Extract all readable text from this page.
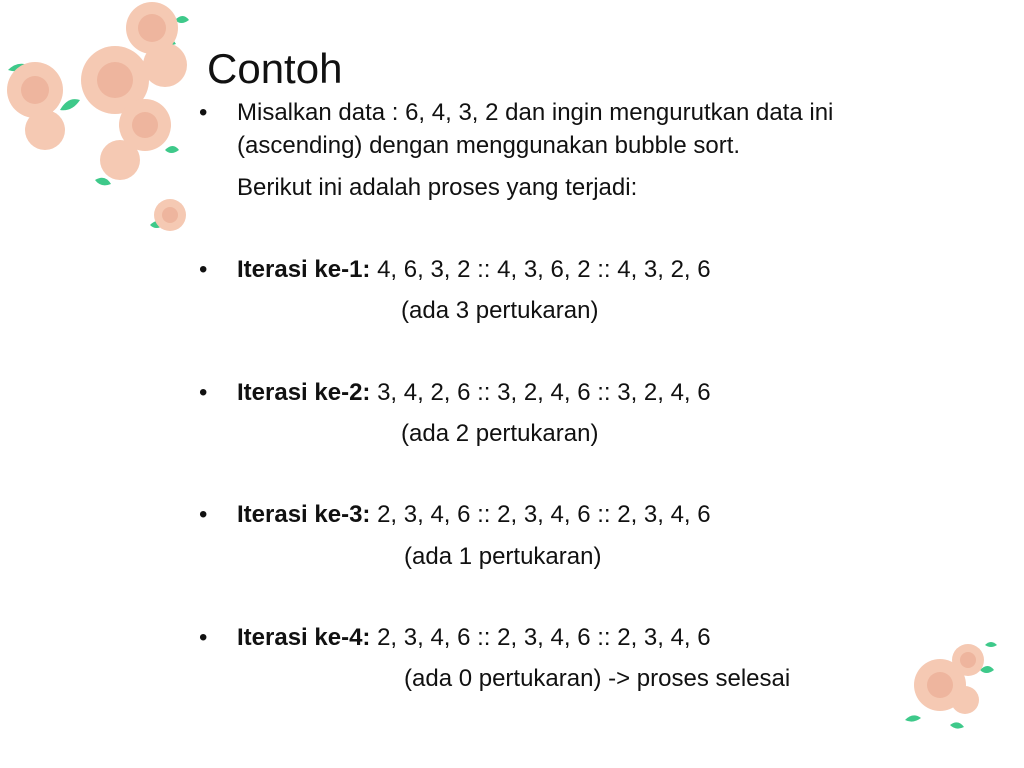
Contoh
• Misalkan data : 6, 4, 3, 2 dan ingin mengurutkan data ini
(ascending) dengan menggunakan bubble sort.
Berikut ini adalah proses yang terjadi:
• Iterasi ke-1: 4, 6, 3, 2 :: 4, 3, 6, 2 :: 4, 3, 2, 6
(ada 3 pertukaran)
• Iterasi ke-2: 3, 4, 2, 6 :: 3, 2, 4, 6 :: 3, 2, 4, 6
(ada 2 pertukaran)
• Iterasi ke-3: 2, 3, 4, 6 :: 2, 3, 4, 6 :: 2, 3, 4, 6
(ada 1 pertukaran)
• Iterasi ke-4: 2, 3, 4, 6 :: 2, 3, 4, 6 :: 2, 3, 4, 6
(ada 0 pertukaran) -> proses selesai
